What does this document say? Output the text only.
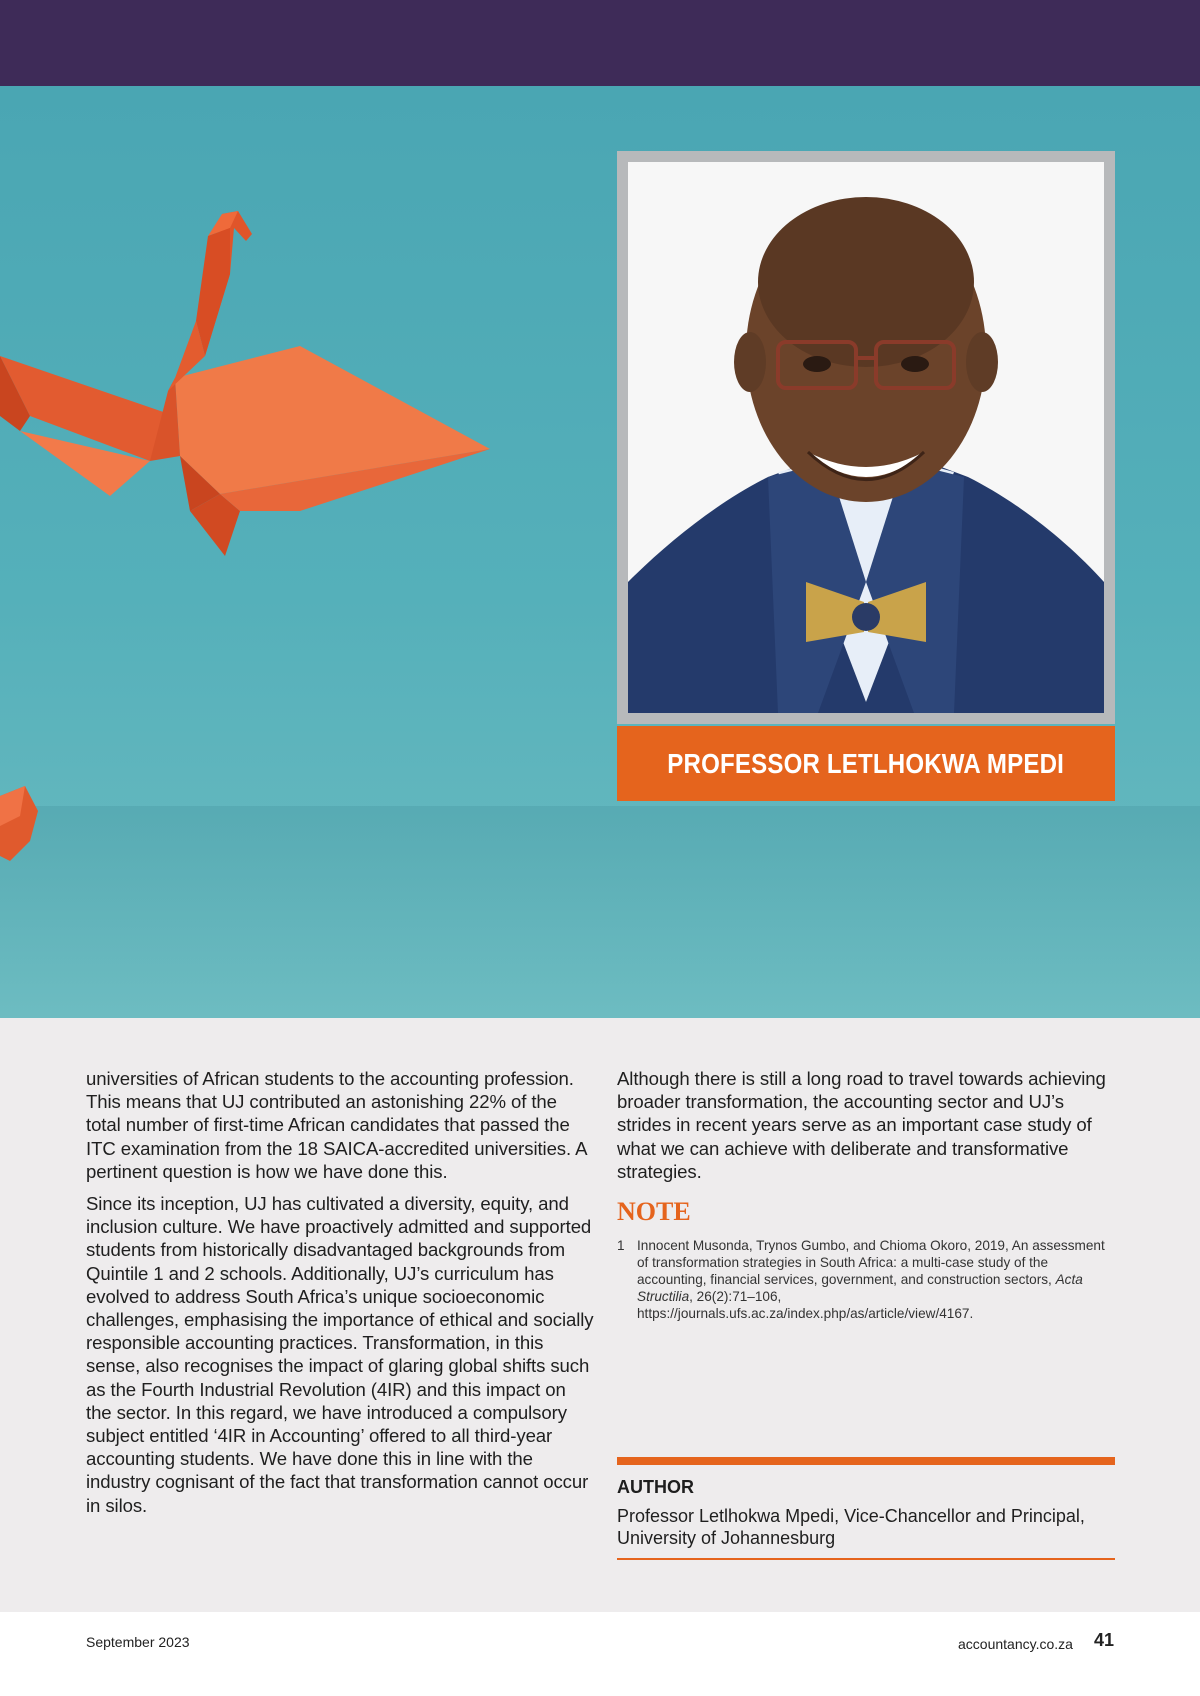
PROFESSOR LETLHOKWA MPEDI

universities of African students to the accounting profession. This means that UJ contributed an astonishing 22% of the total number of first-time African candidates that passed the ITC examination from the 18 SAICA-accredited universities. A pertinent question is how we have done this.

Since its inception, UJ has cultivated a diversity, equity, and inclusion culture. We have proactively admitted and supported students from historically disadvantaged backgrounds from Quintile 1 and 2 schools. Additionally, UJ’s curriculum has evolved to address South Africa’s unique socioeconomic challenges, emphasising the importance of ethical and socially responsible accounting practices. Transformation, in this sense, also recognises the impact of glaring global shifts such as the Fourth Industrial Revolution (4IR) and this impact on the sector. In this regard, we have introduced a compulsory subject entitled ‘4IR in Accounting’ offered to all third-year accounting students. We have done this in line with the industry cognisant of the fact that transformation cannot occur in silos.

Although there is still a long road to travel towards achieving broader transformation, the accounting sector and UJ’s strides in recent years serve as an important case study of what we can achieve with deliberate and transformative strategies.

NOTE
1 Innocent Musonda, Trynos Gumbo, and Chioma Okoro, 2019, An assessment of transformation strategies in South Africa: a multi-case study of the accounting, financial services, government, and construction sectors, Acta Structilia, 26(2):71–106, https://journals.ufs.ac.za/index.php/as/article/view/4167.
AUTHOR
Professor Letlhokwa Mpedi, Vice-Chancellor and Principal, University of Johannesburg
September 2023	accountancy.co.za 41
